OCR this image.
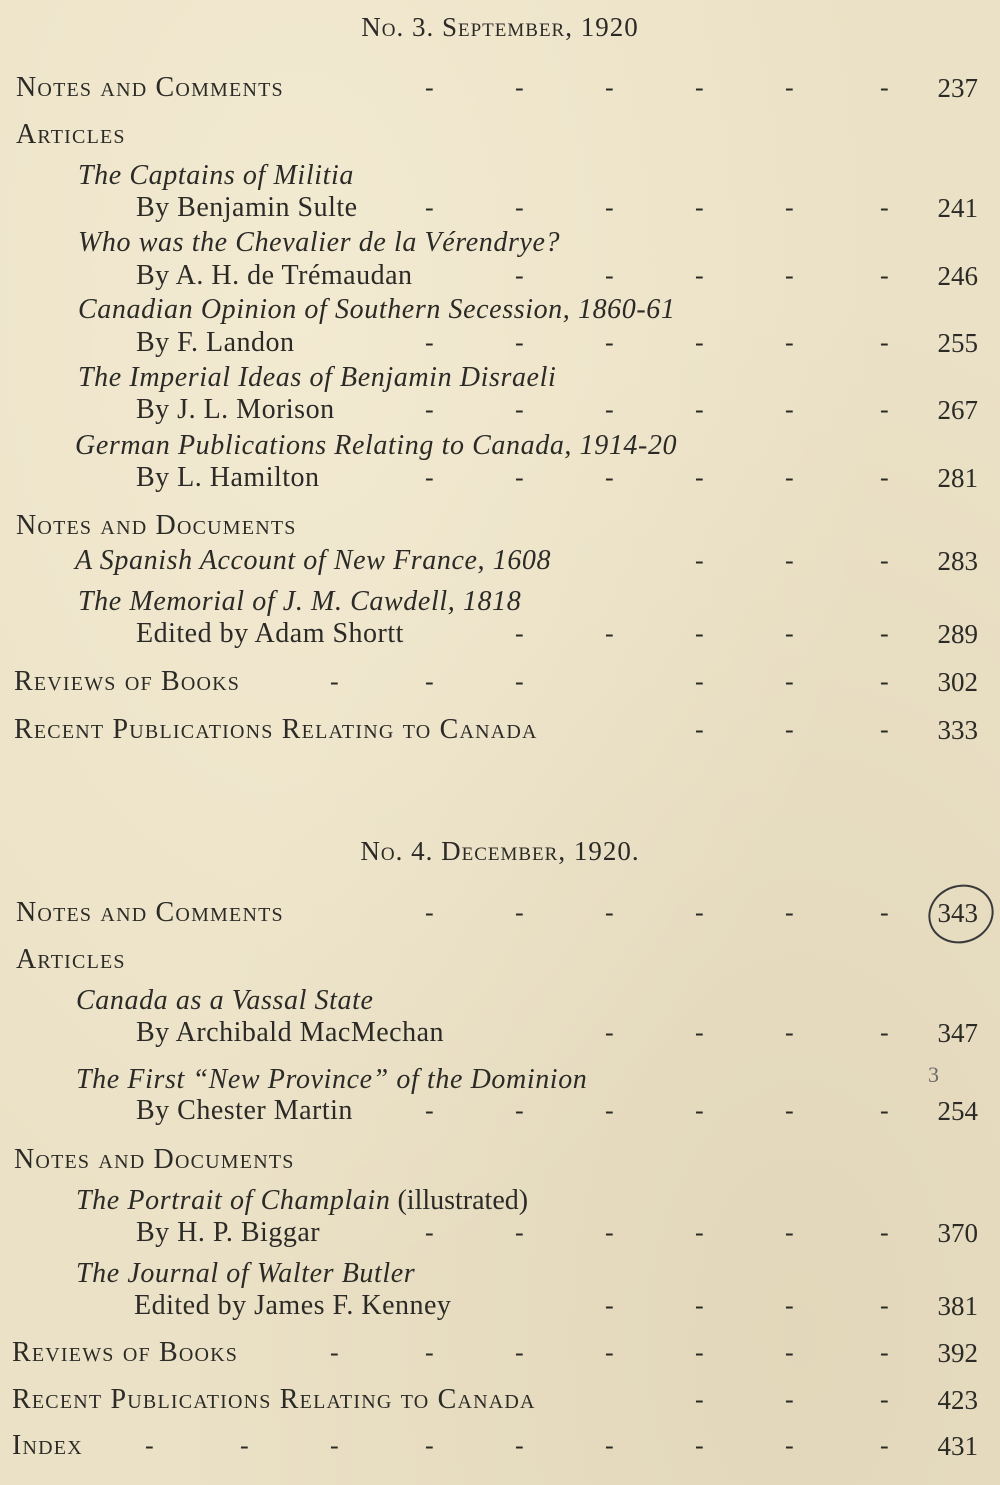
No. 3. September, 1920
Notes and Comments	-	-	-	-	-	-	237
Articles
The Captains of Militia
By Benjamin Sulte	-	-	-	-	-	-	241
Who was the Chevalier de la Vérendrye?
By A. H. de Trémaudan	-	-	-	-	-	246
Canadian Opinion of Southern Secession, 1860-61
By F. Landon	-	-	-	-	-	-	255
The Imperial Ideas of Benjamin Disraeli
By J. L. Morison	-	-	-	-	-	-	267
German Publications Relating to Canada, 1914-20
By L. Hamilton	-	-	-	-	-	-	281
Notes and Documents
A Spanish Account of New France, 1608	-	-	-	283
The Memorial of J. M. Cawdell, 1818
Edited by Adam Shortt	-	-	-	-	-	289
Reviews of Books	-	-	-	-	-	-	302
Recent Publications Relating to Canada	-	-	-	333
No. 4. December, 1920.
Notes and Comments	-	-	-	-	-	-	343
Articles
Canada as a Vassal State
By Archibald MacMechan	-	-	-	-	347
The First “New Province” of the Dominion	3
By Chester Martin	-	-	-	-	-	-	254
Notes and Documents
The Portrait of Champlain (illustrated)
By H. P. Biggar	-	-	-	-	-	-	370
The Journal of Walter Butler
Edited by James F. Kenney	-	-	-	-	381
Reviews of Books	-	-	-	-	-	-	-	392
Recent Publications Relating to Canada	-	-	-	423
Index -	-	-	-	-	-	-	-	-	431
